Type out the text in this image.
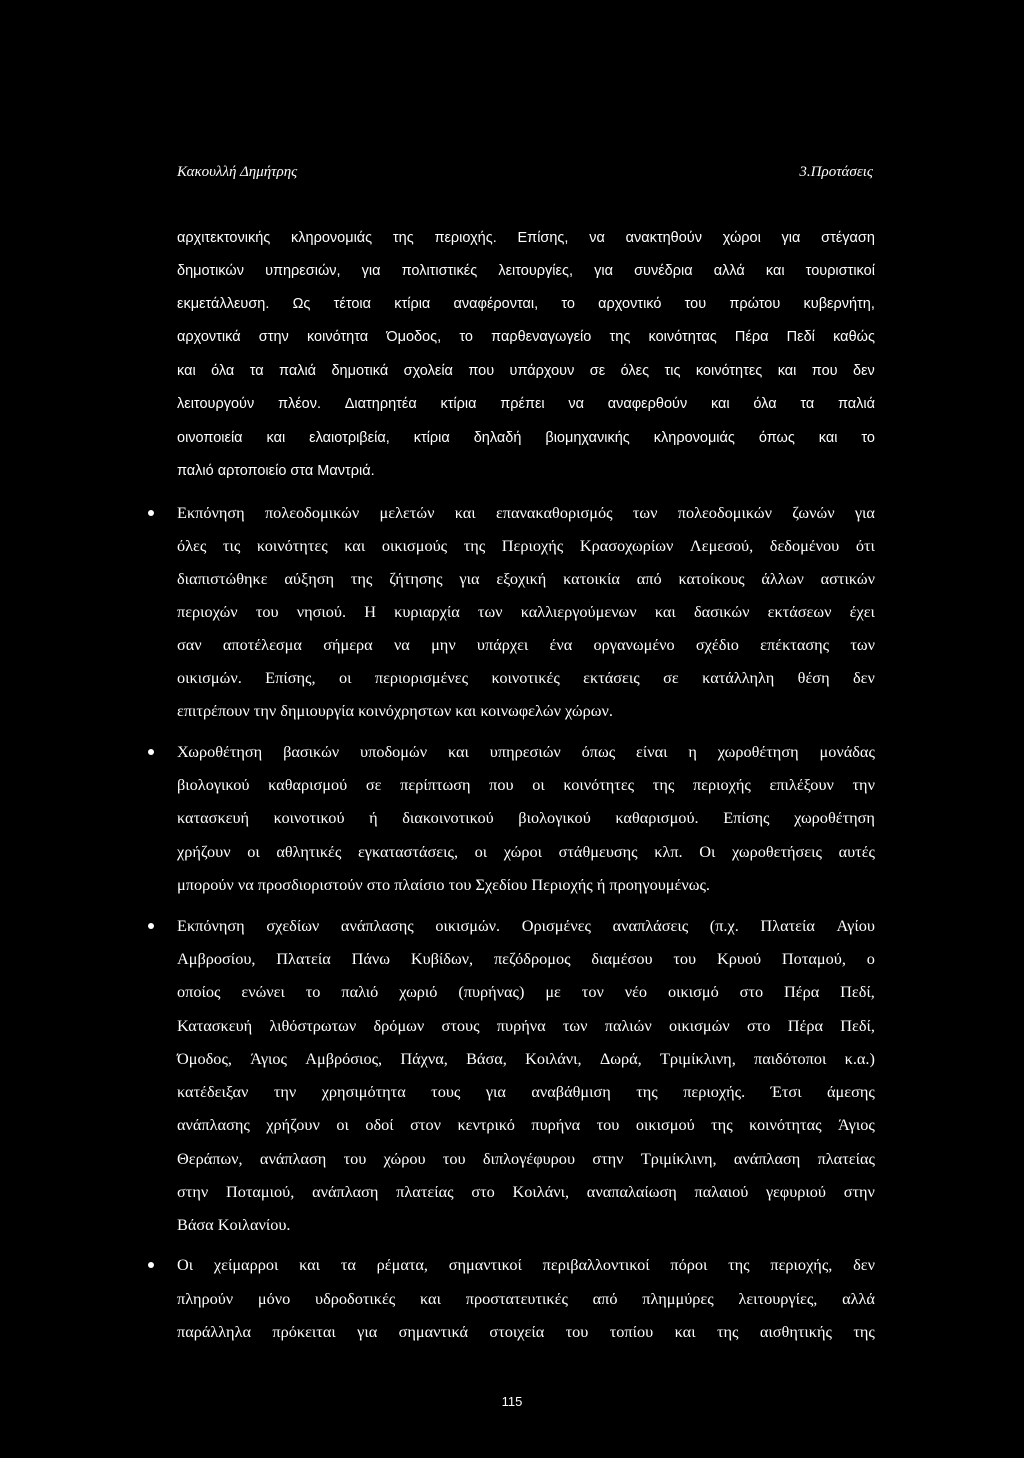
Κακουλλή Δημήτρης	3.Προτάσεις
αρχιτεκτονικής κληρονομιάς της περιοχής. Επίσης, να ανακτηθούν χώροι για στέγαση
δημοτικών υπηρεσιών, για πολιτιστικές λειτουργίες, για συνέδρια αλλά και τουριστικοί
εκμετάλλευση. Ως τέτοια κτίρια αναφέρονται, το αρχοντικό του πρώτου κυβερνήτη,
αρχοντικά στην κοινότητα Όμοδος, το παρθεναγωγείο της κοινότητας Πέρα Πεδί καθώς
και όλα τα παλιά δημοτικά σχολεία που υπάρχουν σε όλες τις κοινότητες και που δεν
λειτουργούν πλέον. Διατηρητέα κτίρια πρέπει να αναφερθούν και όλα τα παλιά
οινοποιεία και ελαιοτριβεία, κτίρια δηλαδή βιομηχανικής κληρονομιάς όπως και το
παλιό αρτοποιείο στα Μαντριά.
Εκπόνηση πολεοδομικών μελετών και επανακαθορισμός των πολεοδομικών ζωνών για
όλες τις κοινότητες και οικισμούς της Περιοχής Κρασοχωρίων Λεμεσού, δεδομένου ότι
διαπιστώθηκε αύξηση της ζήτησης για εξοχική κατοικία από κατοίκους άλλων αστικών
περιοχών του νησιού. Η κυριαρχία των καλλιεργούμενων και δασικών εκτάσεων έχει
σαν αποτέλεσμα σήμερα να μην υπάρχει ένα οργανωμένο σχέδιο επέκτασης των
οικισμών. Επίσης, οι περιορισμένες κοινοτικές εκτάσεις σε κατάλληλη θέση δεν
επιτρέπουν την δημιουργία κοινόχρηστων και κοινωφελών χώρων.
Χωροθέτηση βασικών υποδομών και υπηρεσιών όπως είναι η χωροθέτηση μονάδας
βιολογικού καθαρισμού σε περίπτωση που οι κοινότητες της περιοχής επιλέξουν την
κατασκευή κοινοτικού ή διακοινοτικού βιολογικού καθαρισμού. Επίσης χωροθέτηση
χρήζουν οι αθλητικές εγκαταστάσεις, οι χώροι στάθμευσης κλπ. Οι χωροθετήσεις αυτές
μπορούν να προσδιοριστούν στο πλαίσιο του Σχεδίου Περιοχής ή προηγουμένως.
Εκπόνηση σχεδίων ανάπλασης οικισμών. Ορισμένες αναπλάσεις (π.χ. Πλατεία Αγίου
Αμβροσίου, Πλατεία Πάνω Κυβίδων, πεζόδρομος διαμέσου του Κρυού Ποταμού, ο
οποίος ενώνει το παλιό χωριό (πυρήνας) με τον νέο οικισμό στο Πέρα Πεδί,
Κατασκευή λιθόστρωτων δρόμων στους πυρήνα των παλιών οικισμών στο Πέρα Πεδί,
Όμοδος, Άγιος Αμβρόσιος, Πάχνα, Βάσα, Κοιλάνι, Δωρά, Τριμίκλινη, παιδότοποι κ.α.)
κατέδειξαν την χρησιμότητα τους για αναβάθμιση της περιοχής. Έτσι άμεσης
ανάπλασης χρήζουν οι οδοί στον κεντρικό πυρήνα του οικισμού της κοινότητας Άγιος
Θεράπων, ανάπλαση του χώρου του διπλογέφυρου στην Τριμίκλινη, ανάπλαση πλατείας
στην Ποταμιού, ανάπλαση πλατείας στο Κοιλάνι, αναπαλαίωση παλαιού γεφυριού στην
Βάσα Κοιλανίου.
Οι χείμαρροι και τα ρέματα, σημαντικοί περιβαλλοντικοί πόροι της περιοχής, δεν
πληρούν μόνο υδροδοτικές και προστατευτικές από πλημμύρες λειτουργίες, αλλά
παράλληλα πρόκειται για σημαντικά στοιχεία του τοπίου και της αισθητικής της
115
